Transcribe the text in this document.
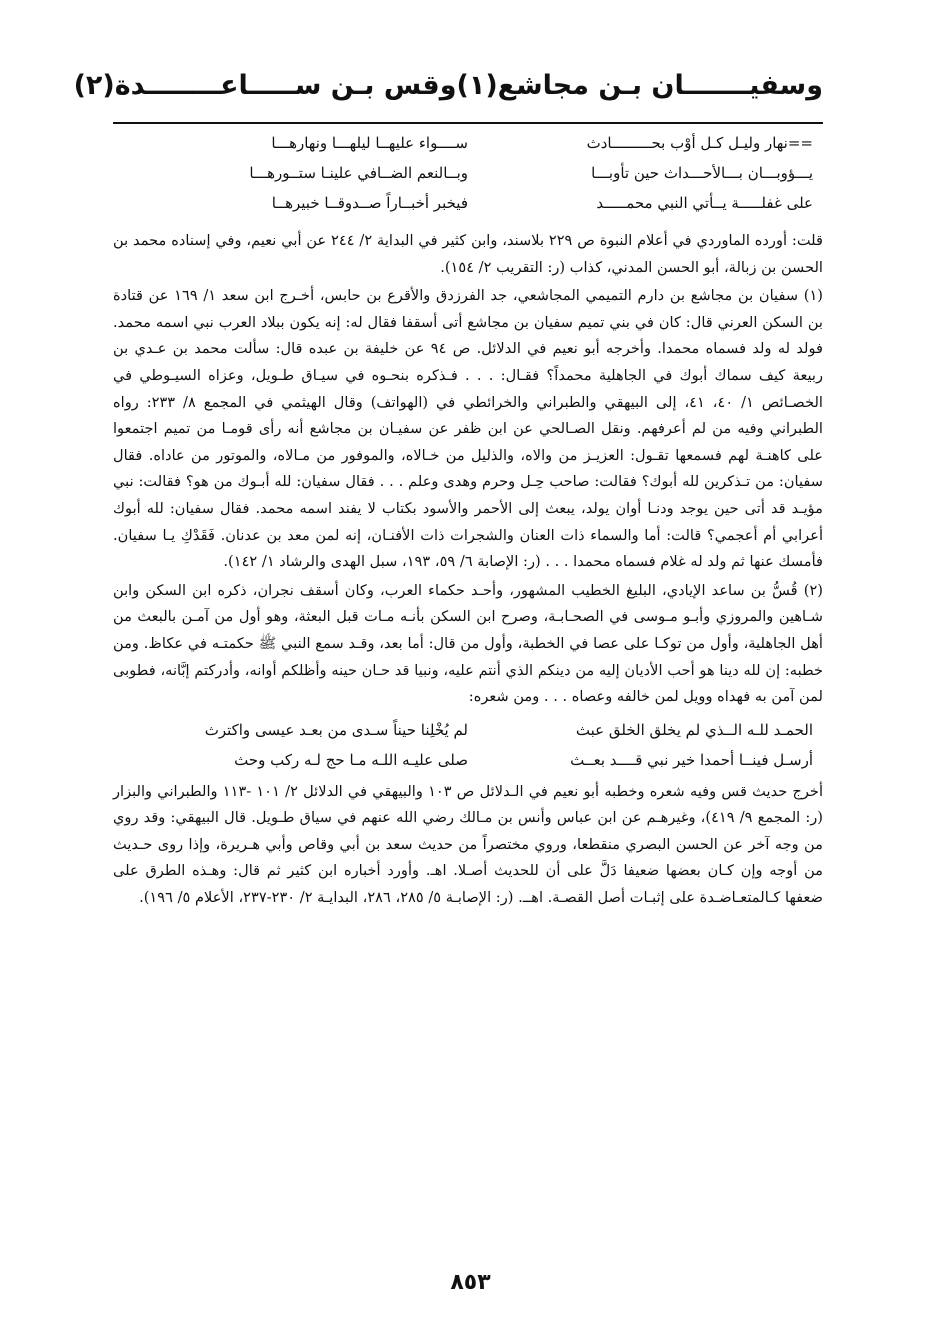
وسفيـــــــان بـن مجاشع(١)وقس بـن ســـــاعــــــــدة(٢)
==نهار وليـل كـل أوْب بحـــــــــادث
ســــواء عليهــا ليلهـــا ونهارهـــا
يـــؤوبـــان بـــالأحـــداث حين تأوبـــا
وبــالنعم الضــافي علينـا ستــورهـــا
على غفلـــــة يــأتي النبي محمـــــد
فيخبر أخبــاراً صــدوقــا خبيرهــا

قلت: أورده الماوردي في أعلام النبوة ص ٢٢٩ بلاسند، وابن كثير في البداية ٢/ ٢٤٤ عن أبي نعيم، وفي إسناده محمد بن الحسن بن زبالة، أبو الحسن المدني، كذاب (ر: التقريب ٢/ ١٥٤).

(١) سفيان بن مجاشع بن دارم التميمي المجاشعي، جد الفرزدق والأقرع بن حابس، أخـرج ابن سعد ١/ ١٦٩ عن قتادة بن السكن العرني قال: كان في بني تميم سفيان بن مجاشع أتى أسقفا فقال له: إنه يكون ببلاد العرب نبي اسمه محمد. فولد له ولد فسماه محمدا. وأخرجه أبو نعيم في الدلائل. ص ٩٤ عن خليفة بن عبده قال: سألت محمد بن عـدي بن ربيعة كيف سماك أبوك في الجاهلية محمداً؟ فقـال: . . . فـذكره بنحـوه في سيـاق طـويل، وعزاه السيـوطي في الخصـائص ١/ ٤٠، ٤١، إلى البيهقي والطبراني والخرائطي في (الهواتف) وقال الهيثمي في المجمع ٨/ ٢٣٣: رواه الطبراني وفيه من لم أعرفهم. ونقل الصـالحي عن ابن ظفر عن سفيـان بن مجاشع أنه رأى قومـا من تميم اجتمعوا على كاهنـة لهم فسمعها تقـول: العزيـز من والاه، والذليل من خـالاه، والموفور من مـالاه، والموتور من عاداه. فقال سفيان: من تـذكرين لله أبوك؟ فقالت: صاحب حِـل وحرم وهدى وعلم . . . فقال سفيان: لله أبـوك من هو؟ فقالت: نبي مؤيـد قد أتى حين يوجد ودنـا أوان يولد، يبعث إلى الأحمر والأسود بكتاب لا يفند اسمه محمد. فقال سفيان: لله أبوك أعرابي أم أعجمي؟ قالت: أما والسماء ذات العنان والشجرات ذات الأفنـان، إنه لمن معد بن عدنان. فَقَدْكِ يـا سفيان. فأمسك عنها ثم ولد له غلام فسماه محمدا . . . (ر: الإصابة ٦/ ٥٩، ١٩٣، سبل الهدى والرشاد ١/ ١٤٢).

(٢) قُسُّ بن ساعد الإيادي، البليغ الخطيب المشهور، وأحـد حكماء العرب، وكان أسقف نجران، ذكره ابن السكن وابن شـاهين والمروزي وأبـو مـوسى في الصحـابـة، وصرح ابن السكن بأنـه مـات قبل البعثة، وهو أول من آمـن بالبعث من أهل الجاهلية، وأول من توكـا على عصا في الخطبة، وأول من قال: أما بعد، وقـد سمع النبي ﷺ حكمتـه في عكاظ. ومن خطبه: إن لله دينا هو أحب الأديان إليه من دينكم الذي أنتم عليه، ونبيا قد حـان حينه وأظلكم أوانه، وأدركتم إبَّانه، فطوبى لمن آمن به فهداه وويل لمن خالفه وعصاه . . . ومن شعره:

الحمـد للـه الــذي لم يخلق الخلق عبث
لم يُخْلِنا حيناً سـدى من بعـد عيسى واكترث
أرسـل فينــا أحمدا خير نبي قــــد بعــث
صلى عليـه اللـه مـا حج لـه ركب وحث

أخرج حديث قس وفيه شعره وخطبه أبو نعيم في الـدلائل ص ١٠٣ والبيهقي في الدلائل ٢/ ١٠١ -١١٣ والطبراني والبزار (ر: المجمع ٩/ ٤١٩)، وغيرهـم عن ابن عباس وأنس بن مـالك رضي الله عنهم في سياق طـويل. قال البيهقي: وقد روي من وجه آخر عن الحسن البصري منقطعا، وروي مختصراً من حديث سعد بن أبي وقاص وأبي هـريرة، وإذا روى حـديث من أوجه وإن كـان بعضها ضعيفا دَلَّ على أن للحديث أصـلا. اهـ. وأورد أخباره ابن كثير ثم قال: وهـذه الطرق على ضعفها كـالمتعـاضـدة على إثبـات أصل القصـة. اهــ. (ر: الإصابـة ٥/ ٢٨٥، ٢٨٦، البدايـة ٢/ ٢٣٠-٢٣٧، الأعلام ٥/ ١٩٦).

٨٥٣
